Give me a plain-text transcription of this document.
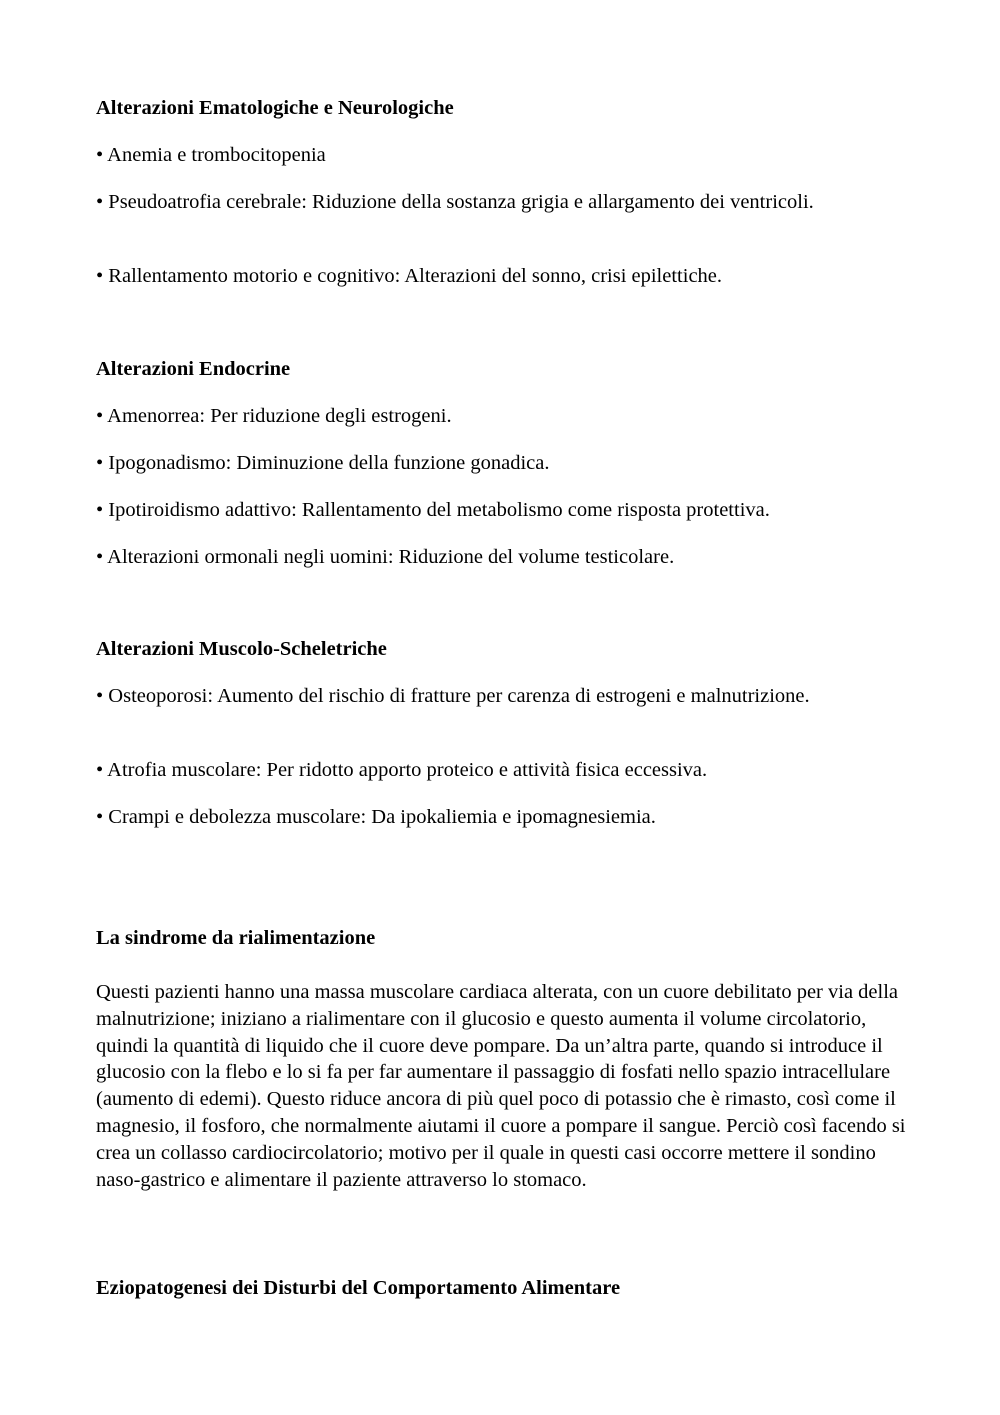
Alterazioni Ematologiche e Neurologiche

• Anemia e trombocitopenia

• Pseudoatrofia cerebrale: Riduzione della sostanza grigia e allargamento dei ventricoli.

• Rallentamento motorio e cognitivo: Alterazioni del sonno, crisi epilettiche.

Alterazioni Endocrine

• Amenorrea: Per riduzione degli estrogeni.

• Ipogonadismo: Diminuzione della funzione gonadica.

• Ipotiroidismo adattivo: Rallentamento del metabolismo come risposta protettiva.

• Alterazioni ormonali negli uomini: Riduzione del volume testicolare.

Alterazioni Muscolo-Scheletriche

• Osteoporosi: Aumento del rischio di fratture per carenza di estrogeni e malnutrizione.

• Atrofia muscolare: Per ridotto apporto proteico e attività fisica eccessiva.

• Crampi e debolezza muscolare: Da ipokaliemia e ipomagnesiemia.

La sindrome da rialimentazione

Questi pazienti hanno una massa muscolare cardiaca alterata, con un cuore debilitato per via della malnutrizione; iniziano a rialimentare con il glucosio e questo aumenta il volume circolatorio, quindi la quantità di liquido che il cuore deve pompare. Da un’altra parte, quando si introduce il glucosio con la flebo e lo si fa per far aumentare il passaggio di fosfati nello spazio intracellulare (aumento di edemi). Questo riduce ancora di più quel poco di potassio che è rimasto, così come il magnesio, il fosforo, che normalmente aiutami il cuore a pompare il sangue. Perciò così facendo si crea un collasso cardiocircolatorio; motivo per il quale in questi casi occorre mettere il sondino naso-gastrico e alimentare il paziente attraverso lo stomaco.

Eziopatogenesi dei Disturbi del Comportamento Alimentare
